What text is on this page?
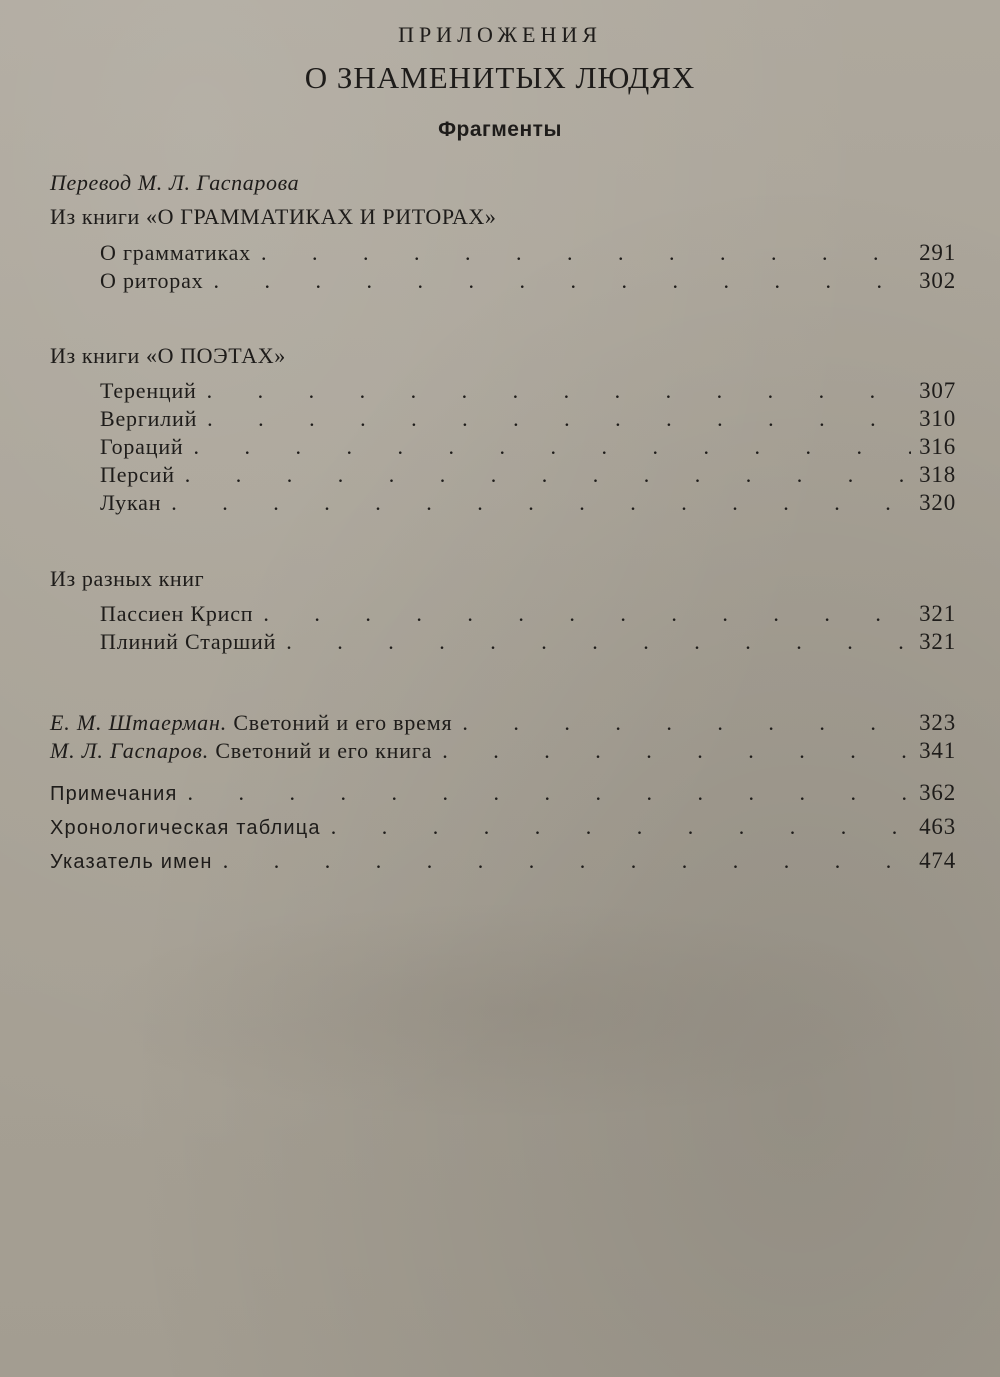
ПРИЛОЖЕНИЯ
О ЗНАМЕНИТЫХ ЛЮДЯХ
Фрагменты
Перевод М. Л. Гаспарова
Из книги «О ГРАММАТИКАХ И РИТОРАХ»
О грамматиках . . .	291
О риторах . . .	302
Из книги «О ПОЭТАХ»
Теренций . . .	307
Вергилий . . .	310
Гораций . . .	316
Персий . . .	318
Лукан . . .	320
Из разных книг
Пассиен Крисп . . .	321
Плиний Старший . . .	321
Е. М. Штаерман. Светоний и его время . . .	323
М. Л. Гаспаров. Светоний и его книга . . .	341
Примечания . . .	362
Хронологическая таблица . . .	463
Указатель имен . . .	474
